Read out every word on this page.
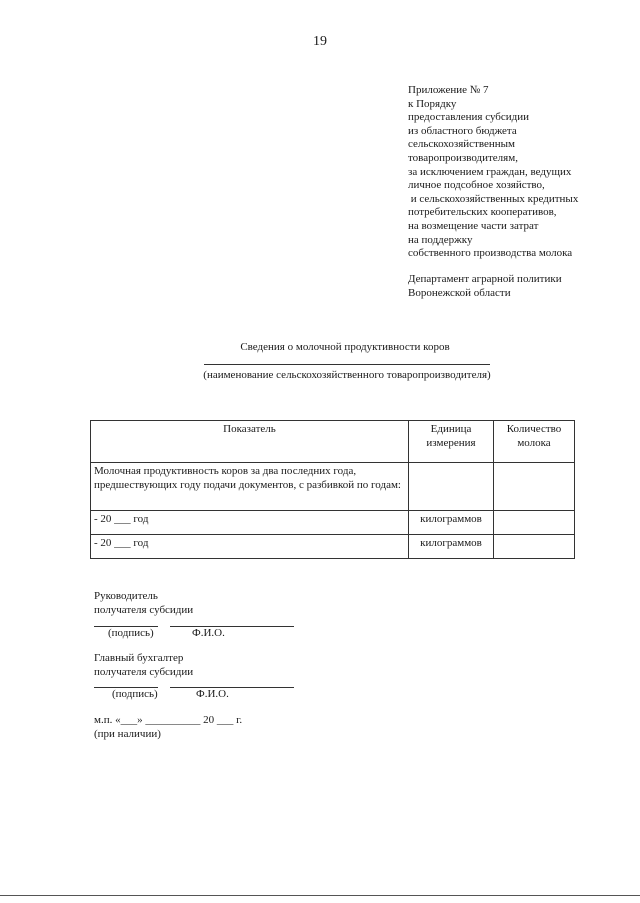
19
Приложение № 7
к Порядку
предоставления субсидии
из областного бюджета
сельскохозяйственным
товаропроизводителям,
за исключением граждан, ведущих
личное подсобное хозяйство,
и сельскохозяйственных кредитных
потребительских кооперативов,
на возмещение части затрат
на поддержку
собственного производства молока
Департамент аграрной политики
Воронежской области
Сведения о молочной продуктивности коров
(наименование сельскохозяйственного товаропроизводителя)
Показатель	Единица измерения	Количество молока
Молочная продуктивность коров за два последних года, предшествующих году подачи документов, с разбивкой по годам:		
- 20 ___ год	килограммов	
- 20 ___ год	килограммов	
Руководитель
получателя субсидии
(подпись)	Ф.И.О.
Главный бухгалтер
получателя субсидии
(подпись)	Ф.И.О.
м.п. «___» __________ 20 ___ г.
(при наличии)
